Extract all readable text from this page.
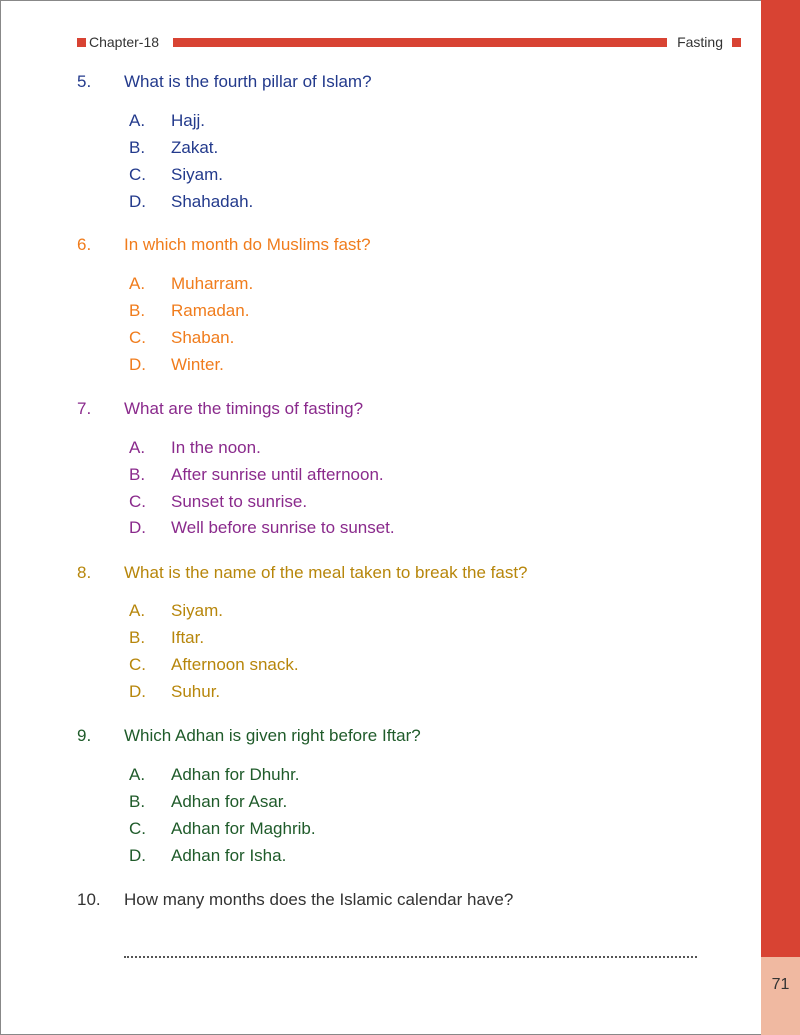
71
Chapter-18	Fasting
5. What is the fourth pillar of Islam?
A. Hajj.
B. Zakat.
C. Siyam.
D. Shahadah.
6. In which month do Muslims fast?
A. Muharram.
B. Ramadan.
C. Shaban.
D. Winter.
7. What are the timings of fasting?
A. In the noon.
B. After sunrise until afternoon.
C. Sunset to sunrise.
D. Well before sunrise to sunset.
8. What is the name of the meal taken to break the fast?
A. Siyam.
B. Iftar.
C. Afternoon snack.
D. Suhur.
9. Which Adhan is given right before Iftar?
A. Adhan for Dhuhr.
B. Adhan for Asar.
C. Adhan for Maghrib.
D. Adhan for Isha.
10. How many months does the Islamic calendar have?
